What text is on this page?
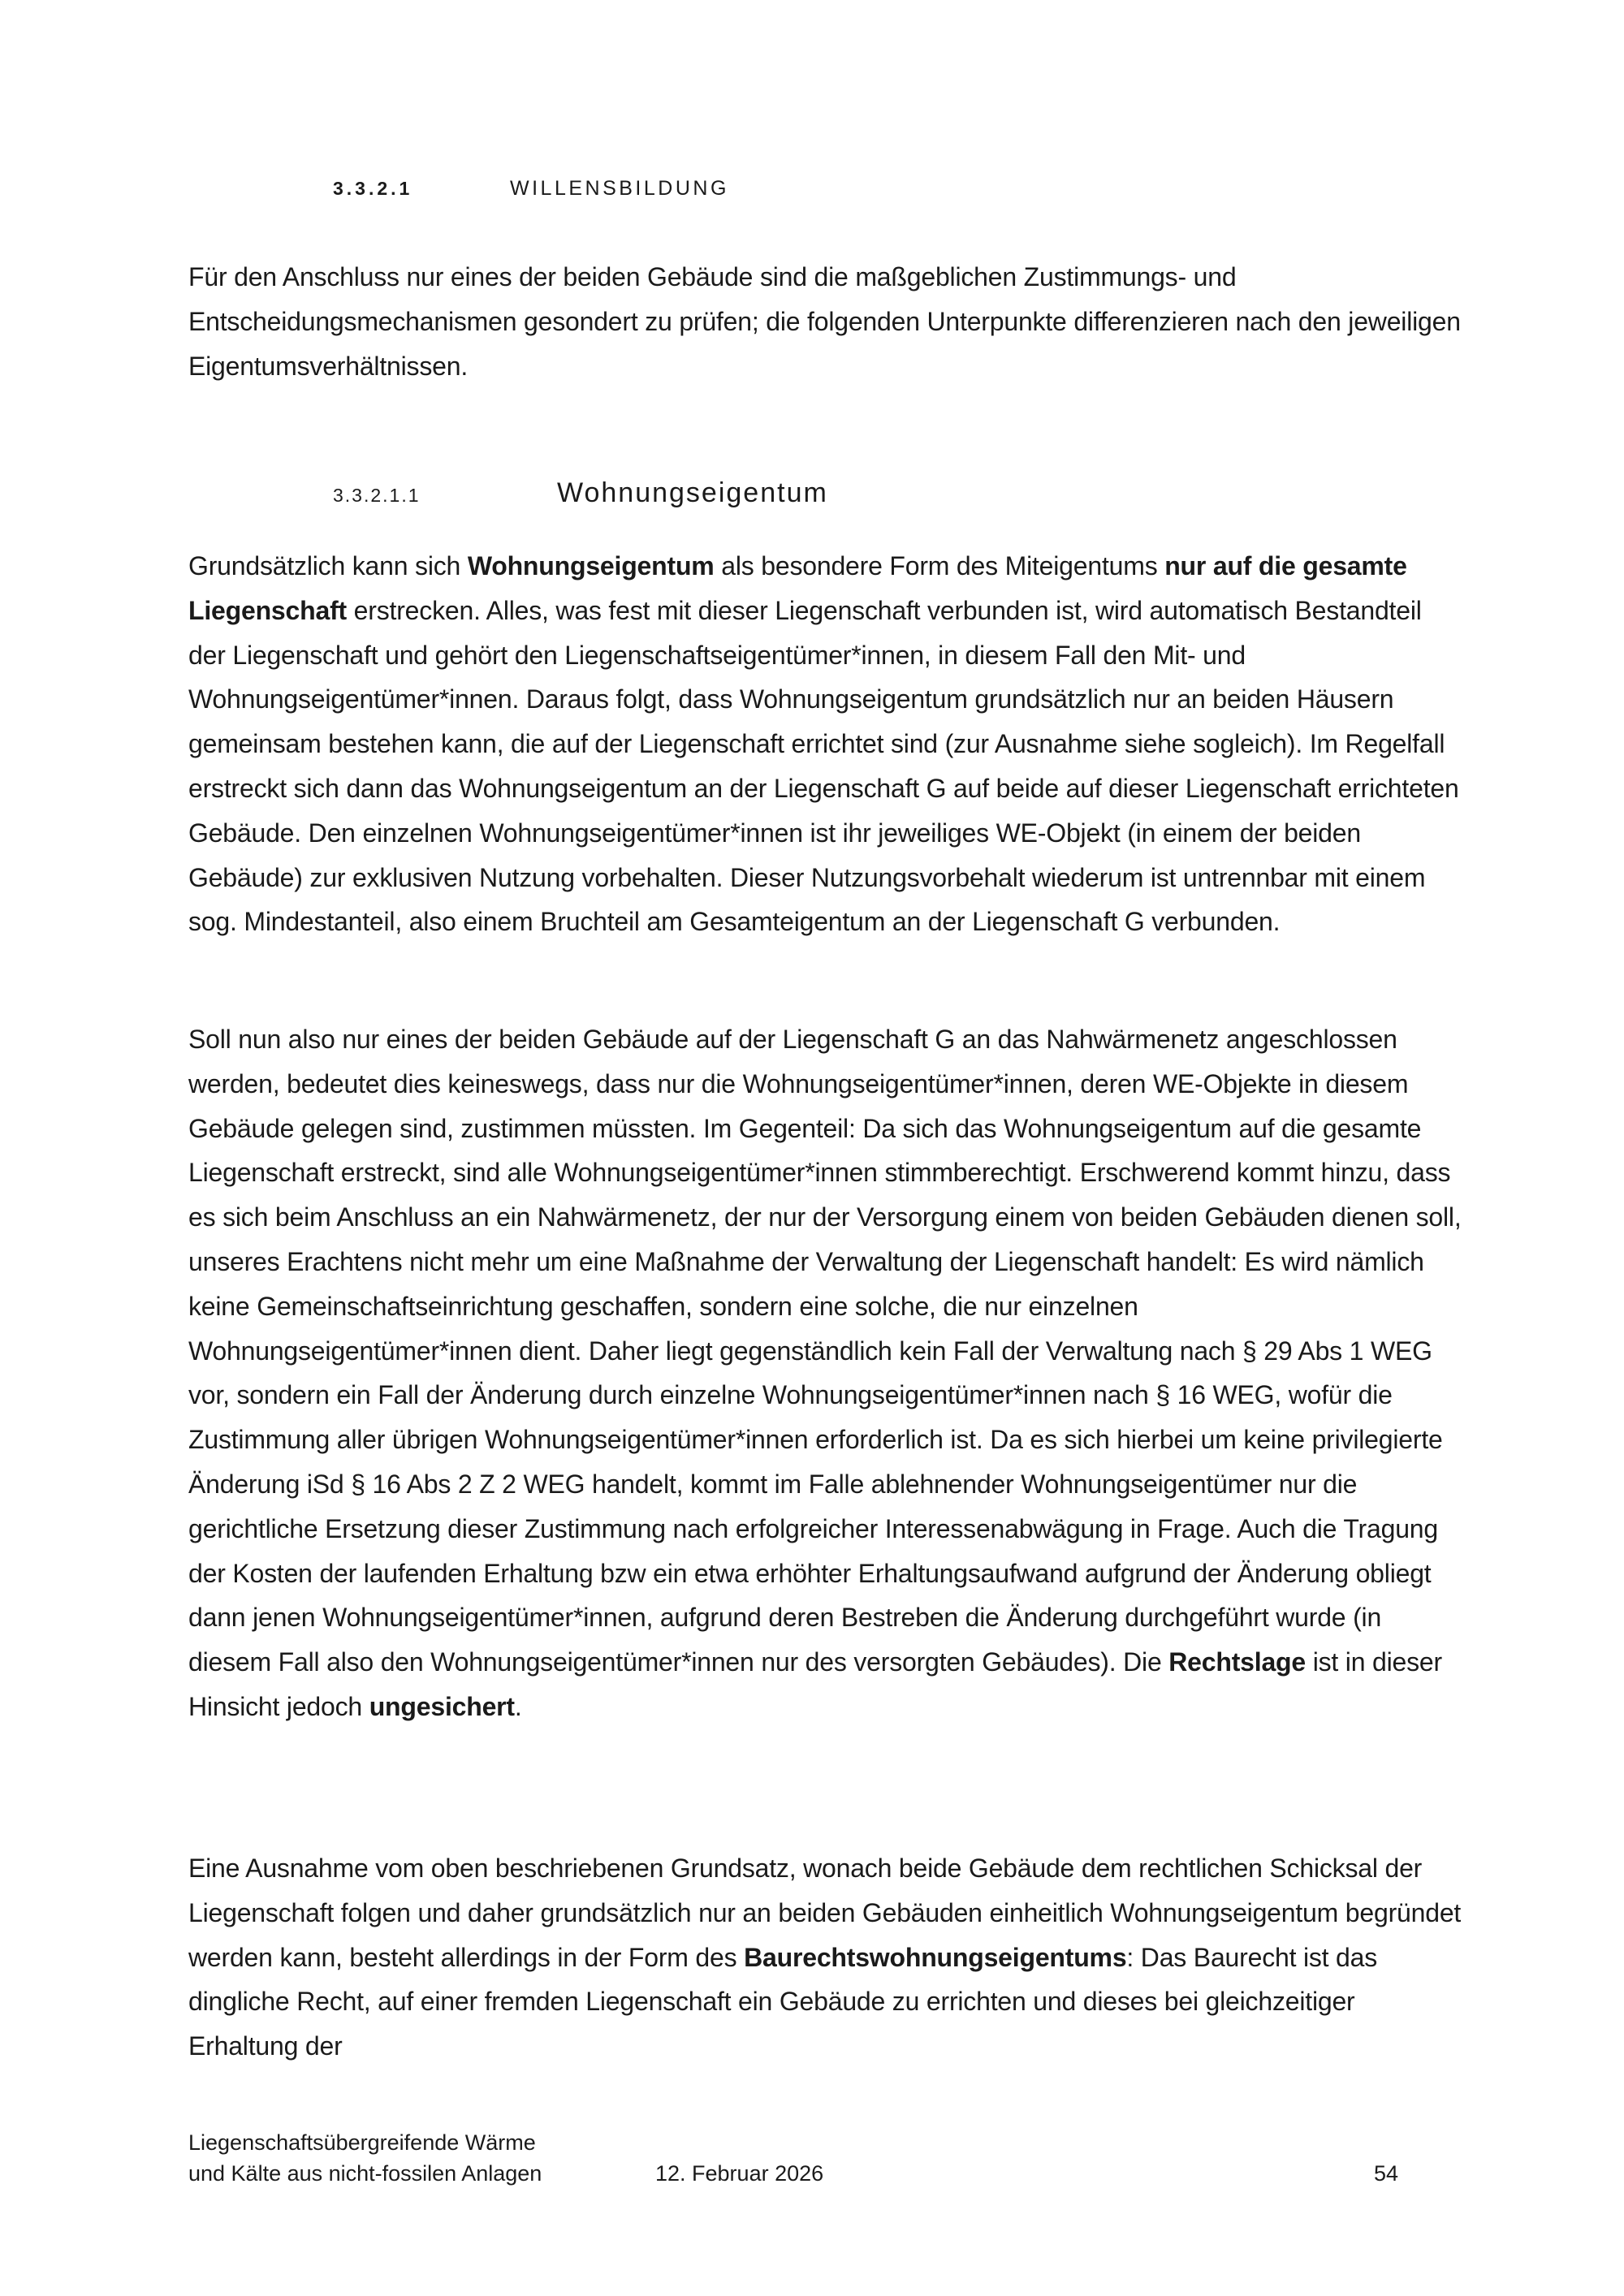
3.3.2.1	WILLENSBILDUNG

Für den Anschluss nur eines der beiden Gebäude sind die maßgeblichen Zustimmungs- und Entscheidungsmechanismen gesondert zu prüfen; die folgenden Unterpunkte differenzieren nach den jeweiligen Eigentumsverhältnissen.

3.3.2.1.1	Wohnungseigentum

Grundsätzlich kann sich Wohnungseigentum als besondere Form des Miteigentums nur auf die gesamte Liegenschaft erstrecken. Alles, was fest mit dieser Liegenschaft verbunden ist, wird automatisch Bestandteil der Liegenschaft und gehört den Liegenschaftseigentümer*innen, in diesem Fall den Mit- und Wohnungseigentümer*innen. Daraus folgt, dass Wohnungseigentum grundsätzlich nur an beiden Häusern gemeinsam bestehen kann, die auf der Liegenschaft errichtet sind (zur Ausnahme siehe sogleich). Im Regelfall erstreckt sich dann das Wohnungseigentum an der Liegenschaft G auf beide auf dieser Liegenschaft errichteten Gebäude. Den einzelnen Wohnungseigentümer*innen ist ihr jeweiliges WE-Objekt (in einem der beiden Gebäude) zur exklusiven Nutzung vorbehalten. Dieser Nutzungsvorbehalt wiederum ist untrennbar mit einem sog. Mindestanteil, also einem Bruchteil am Gesamteigentum an der Liegenschaft G verbunden.

Soll nun also nur eines der beiden Gebäude auf der Liegenschaft G an das Nahwärmenetz angeschlossen werden, bedeutet dies keineswegs, dass nur die Wohnungseigentümer*innen, deren WE-Objekte in diesem Gebäude gelegen sind, zustimmen müssten. Im Gegenteil: Da sich das Wohnungseigentum auf die gesamte Liegenschaft erstreckt, sind alle Wohnungseigentümer*innen stimmberechtigt. Erschwerend kommt hinzu, dass es sich beim Anschluss an ein Nahwärmenetz, der nur der Versorgung einem von beiden Gebäuden dienen soll, unseres Erachtens nicht mehr um eine Maßnahme der Verwaltung der Liegenschaft handelt: Es wird nämlich keine Gemeinschaftseinrichtung geschaffen, sondern eine solche, die nur einzelnen Wohnungseigentümer*innen dient. Daher liegt gegenständlich kein Fall der Verwaltung nach § 29 Abs 1 WEG vor, sondern ein Fall der Änderung durch einzelne Wohnungseigentümer*innen nach § 16 WEG, wofür die Zustimmung aller übrigen Wohnungseigentümer*innen erforderlich ist. Da es sich hierbei um keine privilegierte Änderung iSd § 16 Abs 2 Z 2 WEG handelt, kommt im Falle ablehnender Wohnungseigentümer nur die gerichtliche Ersetzung dieser Zustimmung nach erfolgreicher Interessenabwägung in Frage. Auch die Tragung der Kosten der laufenden Erhaltung bzw ein etwa erhöhter Erhaltungsaufwand aufgrund der Änderung obliegt dann jenen Wohnungseigentümer*innen, aufgrund deren Bestreben die Änderung durchgeführt wurde (in diesem Fall also den Wohnungseigentümer*innen nur des versorgten Gebäudes). Die Rechtslage ist in dieser Hinsicht jedoch ungesichert.

Eine Ausnahme vom oben beschriebenen Grundsatz, wonach beide Gebäude dem rechtlichen Schicksal der Liegenschaft folgen und daher grundsätzlich nur an beiden Gebäuden einheitlich Wohnungseigentum begründet werden kann, besteht allerdings in der Form des Baurechtswohnungseigentums: Das Baurecht ist das dingliche Recht, auf einer fremden Liegenschaft ein Gebäude zu errichten und dieses bei gleichzeitiger Erhaltung der

Liegenschaftsübergreifende Wärme
und Kälte aus nicht-fossilen Anlagen	12. Februar 2026	54
